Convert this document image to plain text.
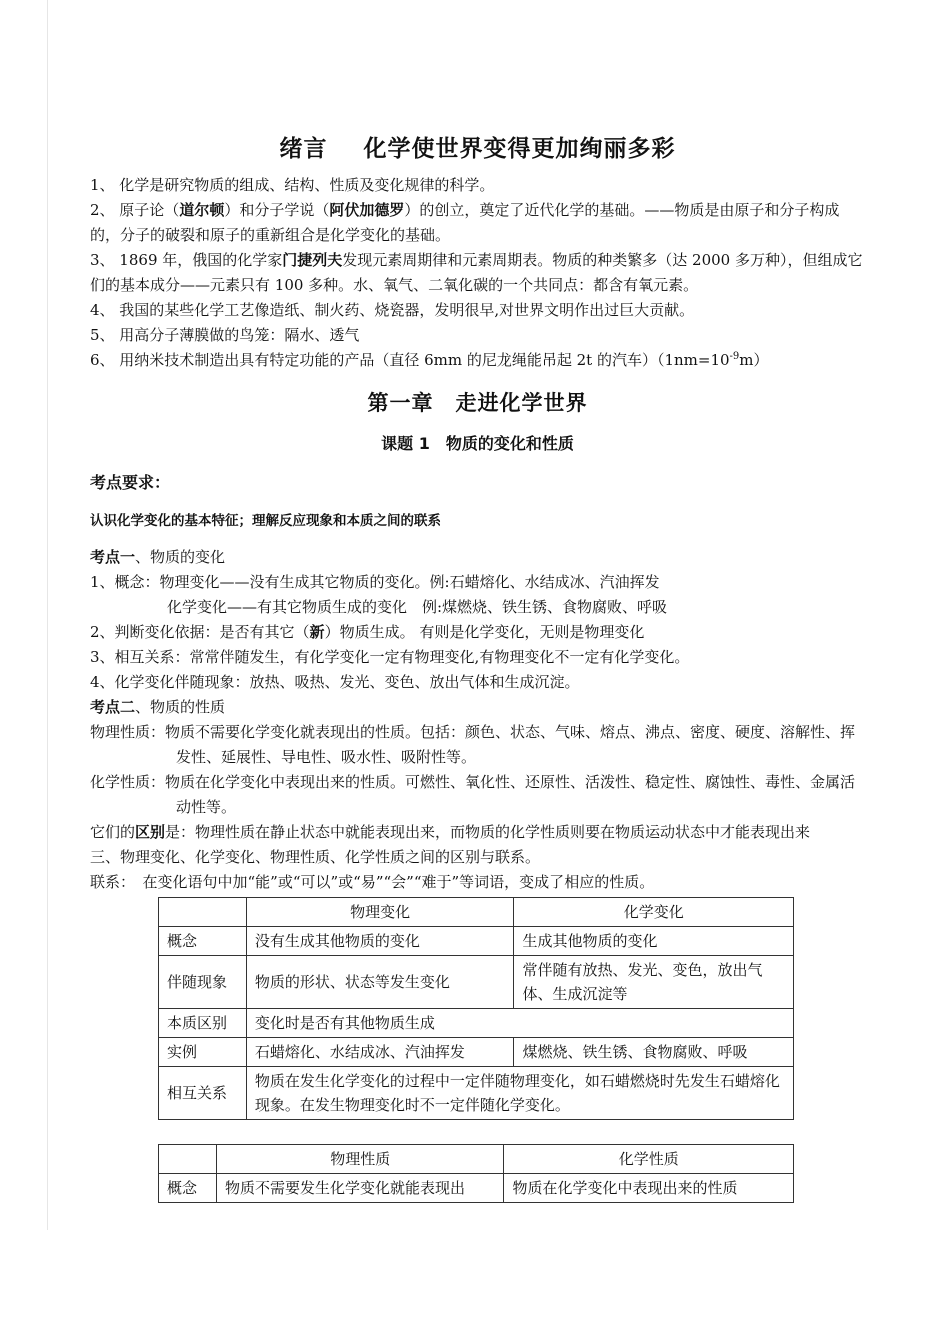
绪言 化学使世界变得更加绚丽多彩

1、 化学是研究物质的组成、结构、性质及变化规律的科学。

2、 原子论（道尔顿）和分子学说（阿伏加德罗）的创立，奠定了近代化学的基础。——物质是由原子和分子构成的，分子的破裂和原子的重新组合是化学变化的基础。

3、 1869 年，俄国的化学家门捷列夫发现元素周期律和元素周期表。物质的种类繁多（达 2000 多万种），但组成它们的基本成分——元素只有 100 多种。水、氧气、二氧化碳的一个共同点：都含有氧元素。

4、 我国的某些化学工艺像造纸、制火药、烧瓷器，发明很早,对世界文明作出过巨大贡献。

5、 用高分子薄膜做的鸟笼：隔水、透气

6、 用纳米技术制造出具有特定功能的产品（直径 6mm 的尼龙绳能吊起 2t 的汽车）$(1nm=10^{-9}m)$

第一章 走进化学世界
课题 1 物质的变化和性质

考点要求：

认识化学变化的基本特征；理解反应现象和本质之间的联系

考点一、物质的变化

1、概念：物理变化——没有生成其它物质的变化。例:石蜡熔化、水结成冰、汽油挥发

化学变化——有其它物质生成的变化　例:煤燃烧、铁生锈、食物腐败、呼吸

2、判断变化依据：是否有其它（新）物质生成。 有则是化学变化，无则是物理变化

3、相互关系：常常伴随发生，有化学变化一定有物理变化,有物理变化不一定有化学变化。

4、化学变化伴随现象：放热、吸热、发光、变色、放出气体和生成沉淀。

考点二、物质的性质

物理性质：物质不需要化学变化就表现出的性质。包括：颜色、状态、气味、熔点、沸点、密度、硬度、溶解性、挥发性、延展性、导电性、吸水性、吸附性等。

化学性质：物质在化学变化中表现出来的性质。可燃性、氧化性、还原性、活泼性、稳定性、腐蚀性、毒性、金属活动性等。

它们的区别是：物理性质在静止状态中就能表现出来，而物质的化学性质则要在物质运动状态中才能表现出来

三、物理变化、化学变化、物理性质、化学性质之间的区别与联系。

联系：　在变化语句中加“能”或“可以”或“易”“会”“难于”等词语，变成了相应的性质。

	物理变化	化学变化
概念	没有生成其他物质的变化	生成其他物质的变化
伴随现象	物质的形状、状态等发生变化	常伴随有放热、发光、变色，放出气体、生成沉淀等
本质区别	变化时是否有其他物质生成	
实例	石蜡熔化、水结成冰、汽油挥发	煤燃烧、铁生锈、食物腐败、呼吸
相互关系	物质在发生化学变化的过程中一定伴随物理变化，如石蜡燃烧时先发生石蜡熔化现象。在发生物理变化时不一定伴随化学变化。	
	物理性质	化学性质
概念	物质不需要发生化学变化就能表现出	物质在化学变化中表现出来的性质
